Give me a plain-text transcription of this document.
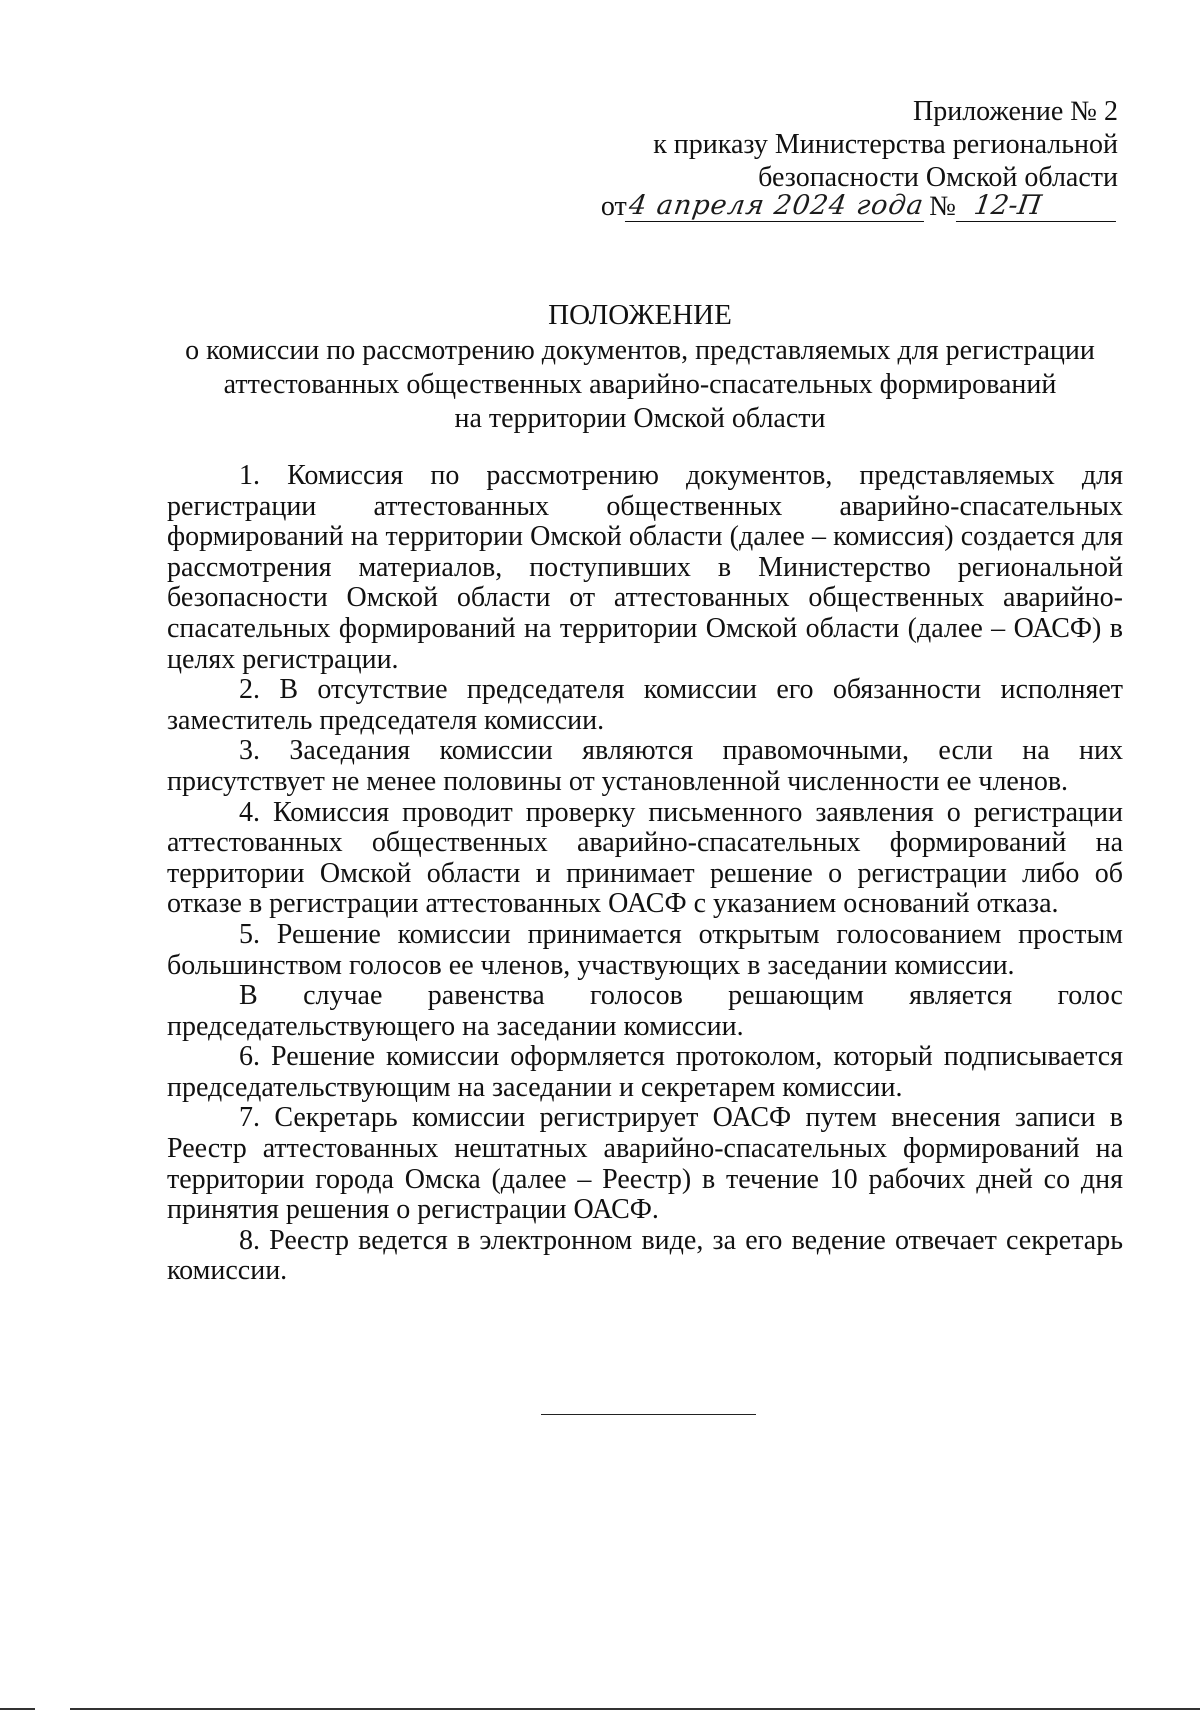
Приложение № 2
к приказу Министерства региональной
безопасности Омской области
от 4 апреля 2024 года № 12-П
ПОЛОЖЕНИЕ
о комиссии по рассмотрению документов, представляемых для регистрации
аттестованных общественных аварийно-спасательных формирований
на территории Омской области

1. Комиссия по рассмотрению документов, представляемых для регистрации аттестованных общественных аварийно-спасательных формирований на территории Омской области (далее – комиссия) создается для рассмотрения материалов, поступивших в Министерство региональной безопасности Омской области от аттестованных общественных аварийно-спасательных формирований на территории Омской области (далее – ОАСФ) в целях регистрации.

2. В отсутствие председателя комиссии его обязанности исполняет заместитель председателя комиссии.

3. Заседания комиссии являются правомочными, если на них присутствует не менее половины от установленной численности ее членов.

4. Комиссия проводит проверку письменного заявления о регистрации аттестованных общественных аварийно-спасательных формирований на территории Омской области и принимает решение о регистрации либо об отказе в регистрации аттестованных ОАСФ с указанием оснований отказа.

5. Решение комиссии принимается открытым голосованием простым большинством голосов ее членов, участвующих в заседании комиссии.

В случае равенства голосов решающим является голос председательствующего на заседании комиссии.

6. Решение комиссии оформляется протоколом, который подписывается председательствующим на заседании и секретарем комиссии.

7. Секретарь комиссии регистрирует ОАСФ путем внесения записи в Реестр аттестованных нештатных аварийно-спасательных формирований на территории города Омска (далее – Реестр) в течение 10 рабочих дней со дня принятия решения о регистрации ОАСФ.

8. Реестр ведется в электронном виде, за его ведение отвечает секретарь комиссии.
